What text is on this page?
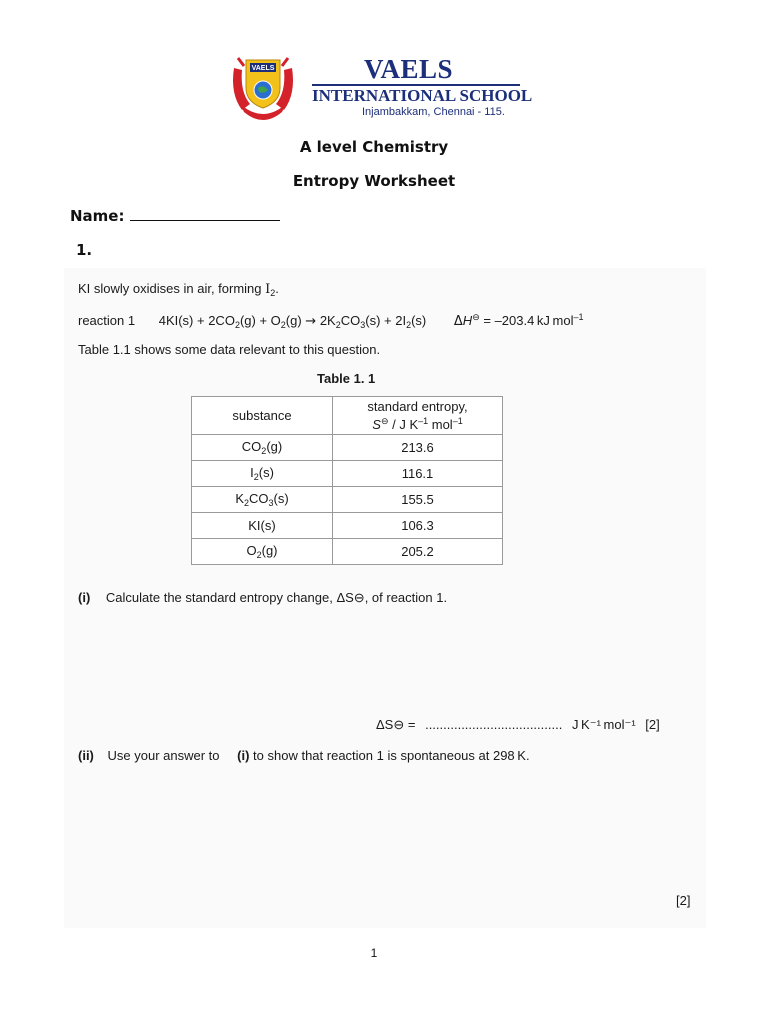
VAELS	VAELS
INTERNATIONAL SCHOOL
Injambakkam, Chennai - 115.
A level Chemistry
Entropy Worksheet
Name:
1.
KI slowly oxidises in air, forming $I_2$.
reaction 1 $4KI(s) + 2CO_2(g) + O_2(g) \to 2K_2CO_3(s) + 2I_2(s) \Delta H^⊖ = -203.4$ kJ mol$^{-1}$
Table 1.1 shows some data relevant to this question.
Table 1. 1
substance	standard entropy,
S⊖ / J $K^{-1}$ mol$^{-1}$
$CO_2(g)$	213.6
$I_2(s)$	116.1
$K_2CO_3(s)$	155.5
KI(s)	106.3
$O_2(g)$	205.2
(i) Calculate the standard entropy change, ΔS⊖, of reaction 1.
ΔS⊖ = ...................................... J K⁻¹ mol⁻¹ [2]
(ii) Use your answer to (i) to show that reaction 1 is spontaneous at 298 K.
[2]
1
